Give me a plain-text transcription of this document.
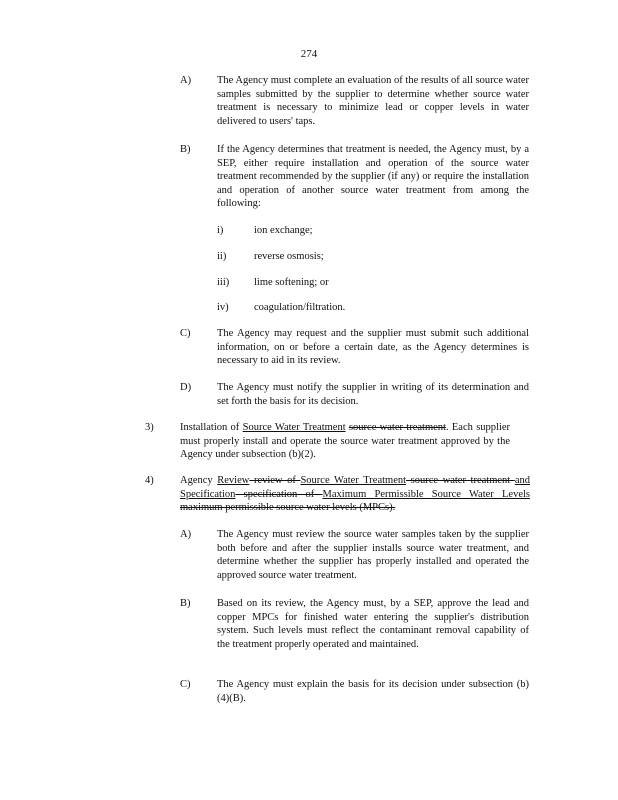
274
A) The Agency must complete an evaluation of the results of all source water samples submitted by the supplier to determine whether source water treatment is necessary to minimize lead or copper levels in water delivered to users' taps.
B)	If the Agency determines that treatment is needed, the Agency must, by a SEP, either require installation and operation of the source water treatment recommended by the supplier (if any) or require the installation and operation of another source water treatment from among the following:
i)	ion exchange;
ii)	reverse osmosis;
iii) lime softening; or
iv) coagulation/filtration.
C)	The Agency may request and the supplier must submit such additional information, on or before a certain date, as the Agency determines is necessary to aid in its review.
D) The Agency must notify the supplier in writing of its determination and set forth the basis for its decision.
3)	Installation of Source Water Treatment source water treatment. Each supplier must properly install and operate the source water treatment approved by the Agency under subsection (b)(2).
4)	Agency Review review of Source Water Treatment source water treatment and Specification specification of Maximum Permissible Source Water Levels maximum permissible source water levels (MPCs).
A) The Agency must review the source water samples taken by the supplier both before and after the supplier installs source water treatment, and determine whether the supplier has properly installed and operated the approved source water treatment.
B)	Based on its review, the Agency must, by a SEP, approve the lead and copper MPCs for finished water entering the supplier's distribution system. Such levels must reflect the contaminant removal capability of the treatment properly operated and maintained.
C)	The Agency must explain the basis for its decision under subsection (b)(4)(B).
